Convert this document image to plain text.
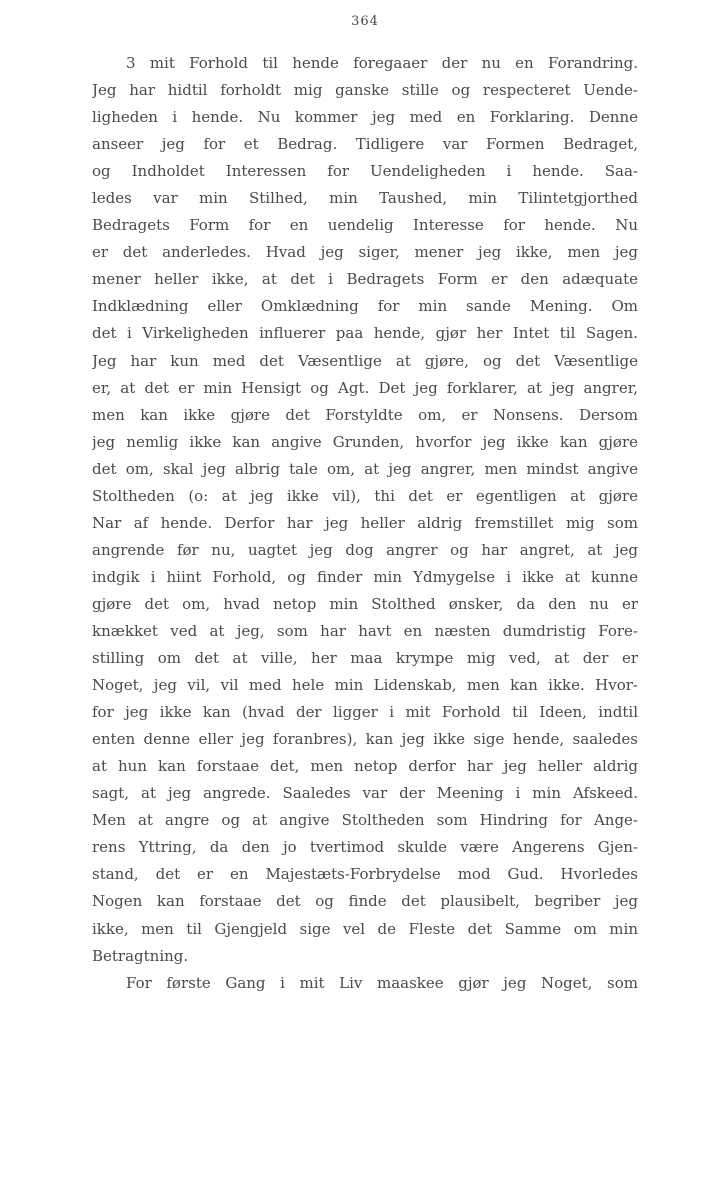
364
3 mit Forhold til hende foregaaer der nu en Forandring.
Jeg har hidtil forholdt mig ganske stille og respecteret Uende-
ligheden i hende. Nu kommer jeg med en Forklaring. Denne
anseer jeg for et Bedrag. Tidligere var Formen Bedraget,
og Indholdet Interessen for Uendeligheden i hende. Saa-
ledes var min Stilhed, min Taushed, min Tilintetgjorthed
Bedragets Form for en uendelig Interesse for hende. Nu
er det anderledes. Hvad jeg siger, mener jeg ikke, men jeg
mener heller ikke, at det i Bedragets Form er den adæquate
Indklædning eller Omklædning for min sande Mening. Om
det i Virkeligheden influerer paa hende, gjør her Intet til Sagen.
Jeg har kun med det Væsentlige at gjøre, og det Væsentlige
er, at det er min Hensigt og Agt. Det jeg forklarer, at jeg angrer,
men kan ikke gjøre det Forstyldte om, er Nonsens. Dersom
jeg nemlig ikke kan angive Grunden, hvorfor jeg ikke kan gjøre
det om, skal jeg albrig tale om, at jeg angrer, men mindst angive
Stoltheden (o: at jeg ikke vil), thi det er egentligen at gjøre
Nar af hende. Derfor har jeg heller aldrig fremstillet mig som
angrende før nu, uagtet jeg dog angrer og har angret, at jeg
indgik i hiint Forhold, og finder min Ydmygelse i ikke at kunne
gjøre det om, hvad netop min Stolthed ønsker, da den nu er
knækket ved at jeg, som har havt en næsten dumdristig Fore-
stilling om det at ville, her maa krympe mig ved, at der er
Noget, jeg vil, vil med hele min Lidenskab, men kan ikke. Hvor-
for jeg ikke kan (hvad der ligger i mit Forhold til Ideen, indtil
enten denne eller jeg foranbres), kan jeg ikke sige hende, saaledes
at hun kan forstaae det, men netop derfor har jeg heller aldrig
sagt, at jeg angrede. Saaledes var der Meening i min Afskeed.
Men at angre og at angive Stoltheden som Hindring for Ange-
rens Yttring, da den jo tvertimod skulde være Angerens Gjen-
stand, det er en Majestæts-Forbrydelse mod Gud. Hvorledes
Nogen kan forstaae det og finde det plausibelt, begriber jeg
ikke, men til Gjengjeld sige vel de Fleste det Samme om min
Betragtning.
For første Gang i mit Liv maaskee gjør jeg Noget, som
